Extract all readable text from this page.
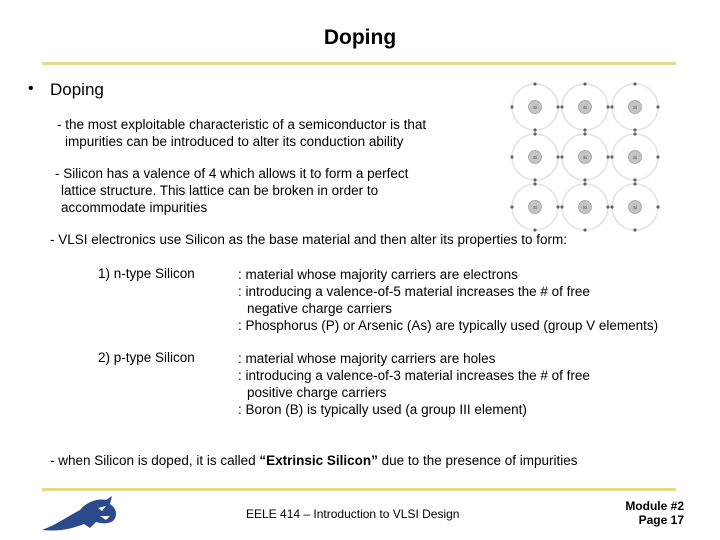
Doping
• Doping
- the most exploitable characteristic of a semiconductor is that
impurities can be introduced to alter its conduction ability
- Silicon has a valence of 4 which allows it to form a perfect
lattice structure. This lattice can be broken in order to
accommodate impurities
Si	Si	Si
Si	Si	Si
Si	Si	Si
- VLSI electronics use Silicon as the base material and then alter its properties to form:
1) n-type Silicon	: material whose majority carriers are electrons
: introducing a valence-of-5 material increases the # of free
negative charge carriers
: Phosphorus (P) or Arsenic (As) are typically used (group V elements)
2) p-type Silicon	: material whose majority carriers are holes
: introducing a valence-of-3 material increases the # of free
positive charge carriers
: Boron (B) is typically used (a group III element)
- when Silicon is doped, it is called “Extrinsic Silicon” due to the presence of impurities
EELE 414 – Introduction to VLSI Design
Module #2
Page 17
